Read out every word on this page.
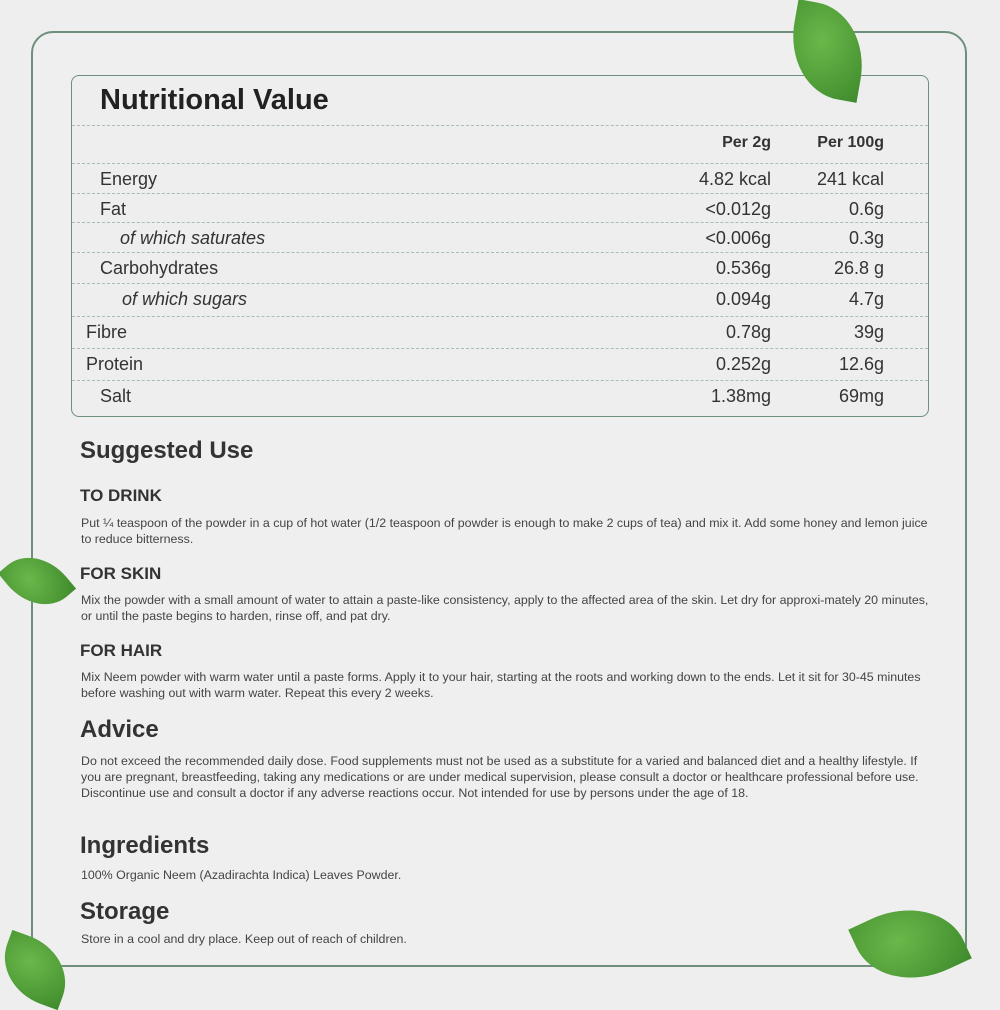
Nutritional Value
Per 2g	Per 100g
Energy	4.82 kcal	241 kcal
Fat	<0.012g	0.6g
of which saturates	<0.006g	0.3g
Carbohydrates	0.536g	26.8 g
of which sugars	0.094g	4.7g
Fibre	0.78g	39g
Protein	0.252g	12.6g
Salt	1.38mg	69mg
Suggested Use
TO DRINK
Put ¼ teaspoon of the powder in a cup of hot water (1/2 teaspoon of powder is enough to make 2 cups of tea) and mix it. Add some honey and lemon juice to reduce bitterness.
FOR SKIN
Mix the powder with a small amount of water to attain a paste-like consistency, apply to the affected area of the skin. Let dry for approxi-mately 20 minutes, or until the paste begins to harden, rinse off, and pat dry.
FOR HAIR
Mix Neem powder with warm water until a paste forms. Apply it to your hair, starting at the roots and working down to the ends. Let it sit for 30-45 minutes before washing out with warm water. Repeat this every 2 weeks.
Advice
Do not exceed the recommended daily dose. Food supplements must not be used as a substitute for a varied and balanced diet and a healthy lifestyle. If you are pregnant, breastfeeding, taking any medications or are under medical supervision, please consult a doctor or healthcare professional before use. Discontinue use and consult a doctor if any adverse reactions occur. Not intended for use by persons under the age of 18.
Ingredients
100% Organic Neem (Azadirachta Indica) Leaves Powder.
Storage
Store in a cool and dry place. Keep out of reach of children.
